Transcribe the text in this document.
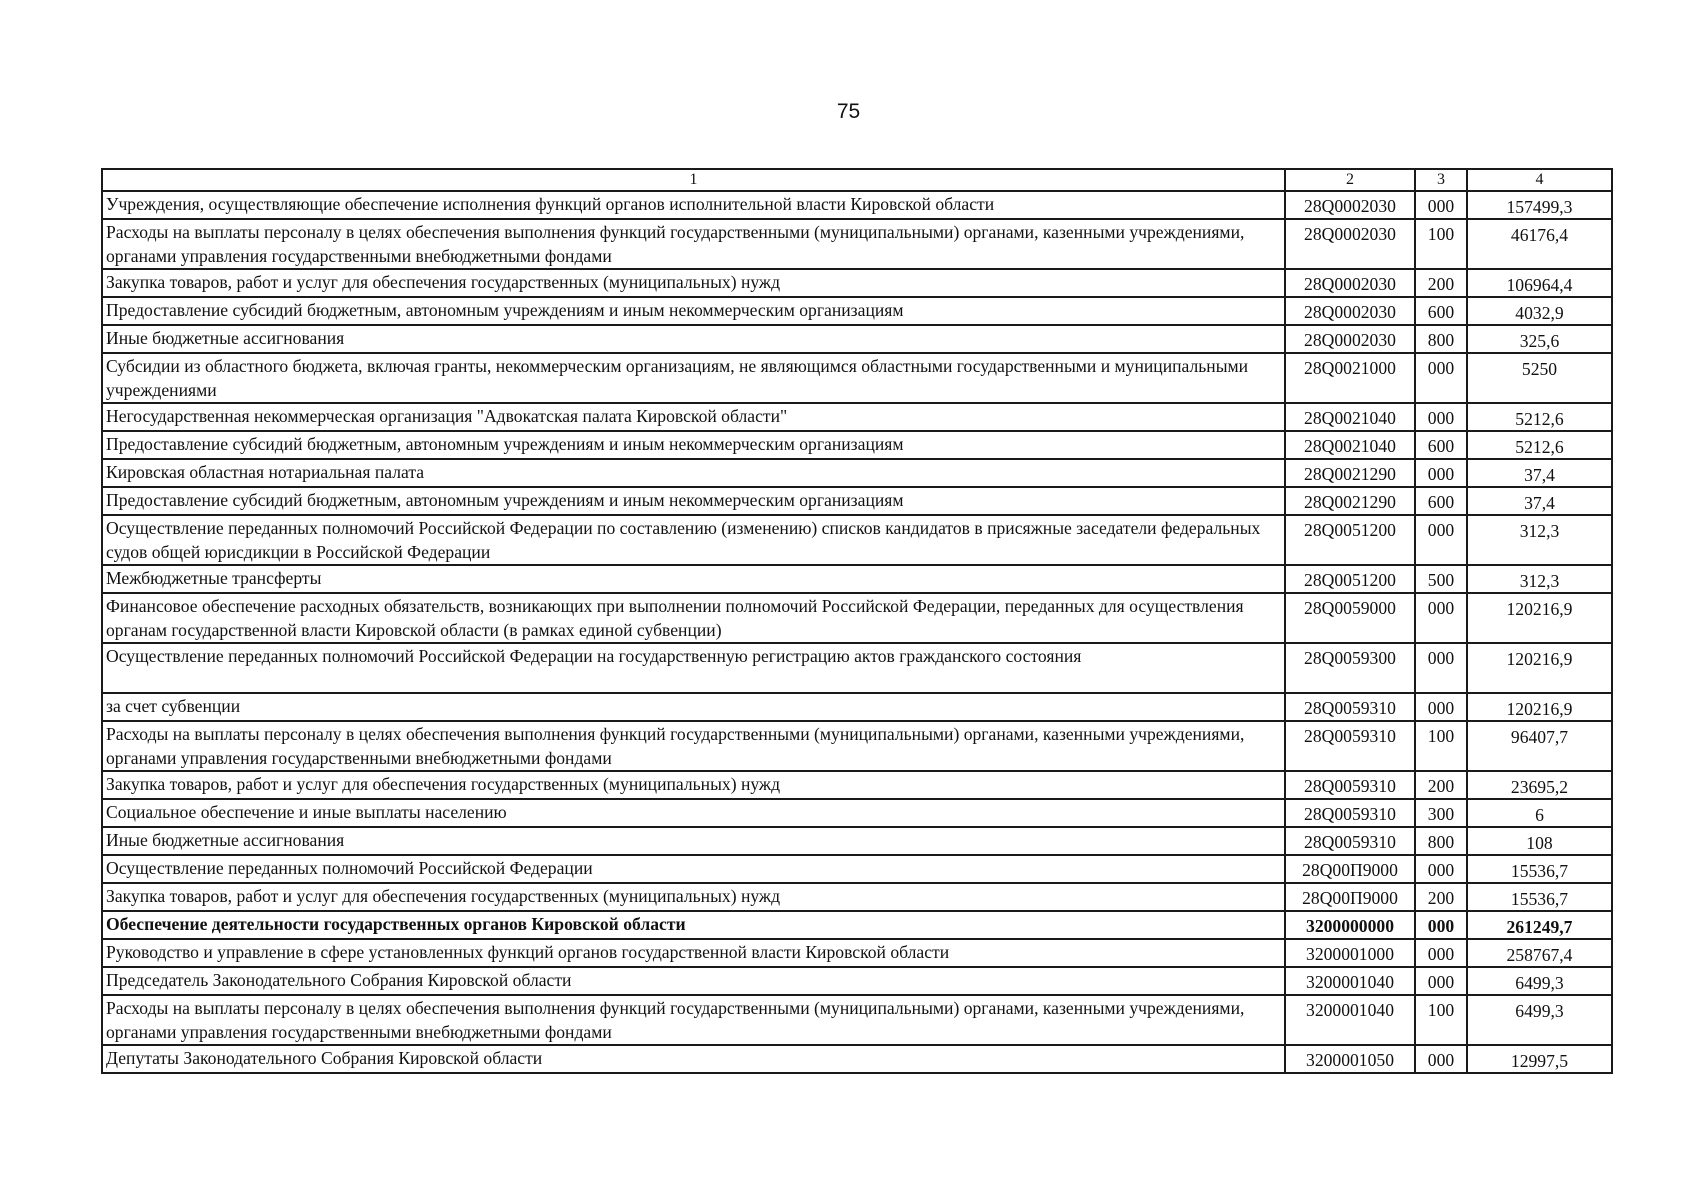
75
1	2	3	4
Учреждения, осуществляющие обеспечение исполнения функций органов исполнительной власти Кировской области	28Q0002030	000	157499,3
Расходы на выплаты персоналу в целях обеспечения выполнения функций государственными (муниципальными) органами, казенными учреждениями, органами управления государственными внебюджетными фондами	28Q0002030	100	46176,4
Закупка товаров, работ и услуг для обеспечения государственных (муниципальных) нужд	28Q0002030	200	106964,4
Предоставление субсидий бюджетным, автономным учреждениям и иным некоммерческим организациям	28Q0002030	600	4032,9
Иные бюджетные ассигнования	28Q0002030	800	325,6
Субсидии из областного бюджета, включая гранты, некоммерческим организациям, не являющимся областными государственными и муниципальными учреждениями	28Q0021000	000	5250
Негосударственная некоммерческая организация "Адвокатская палата Кировской области"	28Q0021040	000	5212,6
Предоставление субсидий бюджетным, автономным учреждениям и иным некоммерческим организациям	28Q0021040	600	5212,6
Кировская областная нотариальная палата	28Q0021290	000	37,4
Предоставление субсидий бюджетным, автономным учреждениям и иным некоммерческим организациям	28Q0021290	600	37,4
Осуществление переданных полномочий Российской Федерации по составлению (изменению) списков кандидатов в присяжные заседатели федеральных судов общей юрисдикции в Российской Федерации	28Q0051200	000	312,3
Межбюджетные трансферты	28Q0051200	500	312,3
Финансовое обеспечение расходных обязательств, возникающих при выполнении полномочий Российской Федерации, переданных для осуществления органам государственной власти Кировской области (в рамках единой субвенции)	28Q0059000	000	120216,9
Осуществление переданных полномочий Российской Федерации на государственную регистрацию актов гражданского состояния	28Q0059300	000	120216,9
за счет субвенции	28Q0059310	000	120216,9
Расходы на выплаты персоналу в целях обеспечения выполнения функций государственными (муниципальными) органами, казенными учреждениями, органами управления государственными внебюджетными фондами	28Q0059310	100	96407,7
Закупка товаров, работ и услуг для обеспечения государственных (муниципальных) нужд	28Q0059310	200	23695,2
Социальное обеспечение и иные выплаты населению	28Q0059310	300	6
Иные бюджетные ассигнования	28Q0059310	800	108
Осуществление переданных полномочий Российской Федерации	28Q00П9000	000	15536,7
Закупка товаров, работ и услуг для обеспечения государственных (муниципальных) нужд	28Q00П9000	200	15536,7
Обеспечение деятельности государственных органов Кировской области	3200000000	000	261249,7
Руководство и управление в сфере установленных функций органов государственной власти Кировской области	3200001000	000	258767,4
Председатель Законодательного Собрания Кировской области	3200001040	000	6499,3
Расходы на выплаты персоналу в целях обеспечения выполнения функций государственными (муниципальными) органами, казенными учреждениями, органами управления государственными внебюджетными фондами	3200001040	100	6499,3
Депутаты Законодательного Собрания Кировской области	3200001050	000	12997,5
